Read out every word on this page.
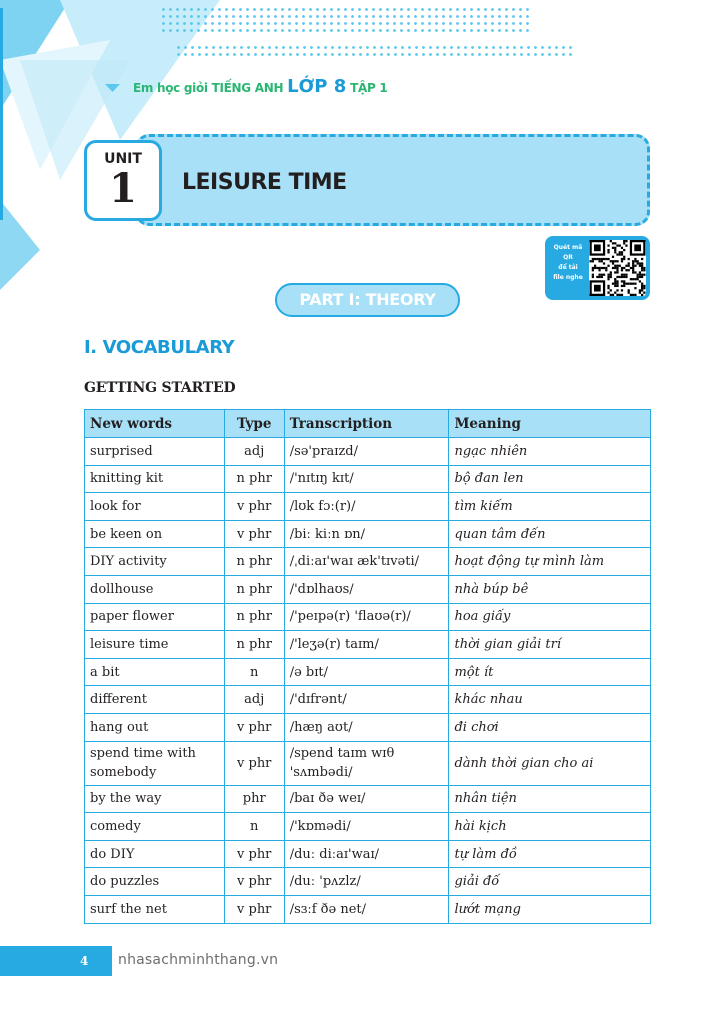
Em học giỏi TIẾNG ANH LỚP 8 TẬP 1
UNIT
1	LEISURE TIME
Quét mã
QR
để tải
file nghe
PART I: THEORY
I. VOCABULARY
GETTING STARTED
New words	Type	Transcription	Meaning
surprised	adj	/sə'praɪzd/	ngạc nhiên
knitting kit	n phr	/'nɪtɪŋ kɪt/	bộ đan len
look for	v phr	/lʊk fɔː(r)/	tìm kiếm
be keen on	v phr	/biː kiːn ɒn/	quan tâm đến
DIY activity	n phr	/ˌdiːaɪ'waɪ æk'tɪvəti/	hoạt động tự mình làm
dollhouse	n phr	/'dɒlhaʊs/	nhà búp bê
paper flower	n phr	/'peɪpə(r) 'flaʊə(r)/	hoa giấy
leisure time	n phr	/'leʒə(r) taɪm/	thời gian giải trí
a bit	n	/ə bɪt/	một ít
different	adj	/'dɪfrənt/	khác nhau
hang out	v phr	/hæŋ aʊt/	đi chơi
spend time with somebody	v phr	/spend taɪm wɪθ 'sʌmbədi/	dành thời gian cho ai
by the way	phr	/baɪ ðə weɪ/	nhân tiện
comedy	n	/'kɒmədi/	hài kịch
do DIY	v phr	/duː diːaɪ'waɪ/	tự làm đồ
do puzzles	v phr	/duː 'pʌzlz/	giải đố
surf the net	v phr	/sɜːf ðə net/	lướt mạng
4 nhasachminhthang.vn
